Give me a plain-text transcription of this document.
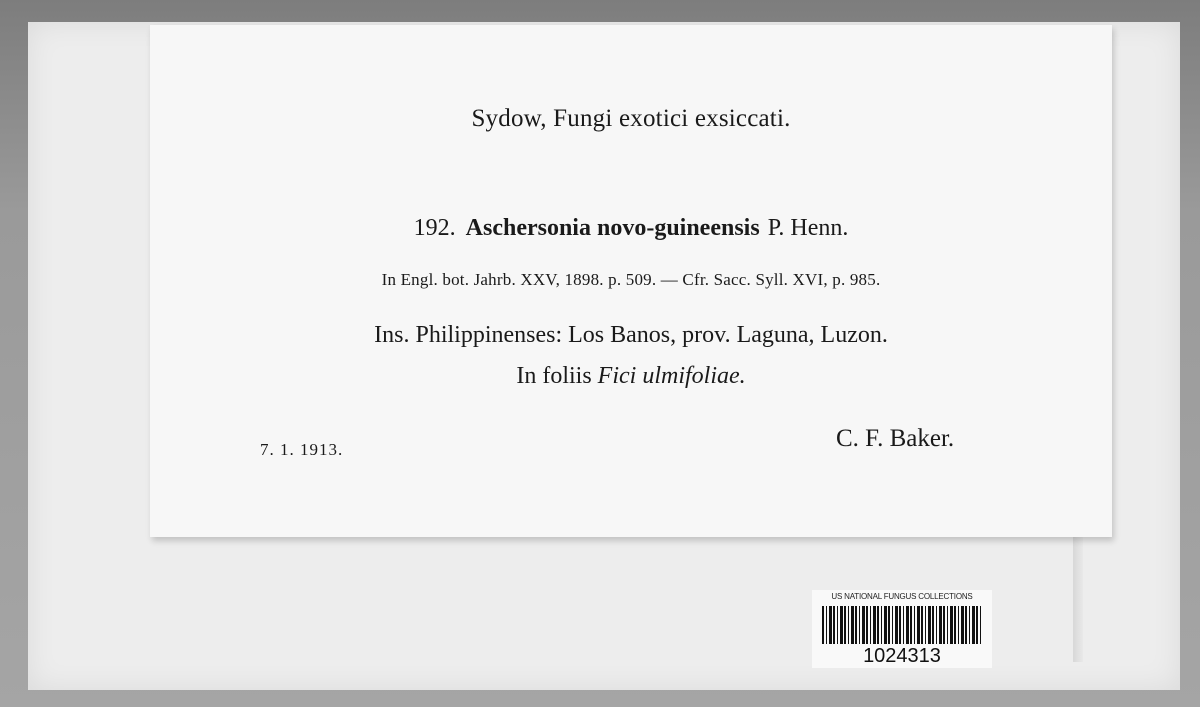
Sydow, Fungi exotici exsiccati.
192. Aschersonia novo-guineensis P. Henn.
In Engl. bot. Jahrb. XXV, 1898. p. 509. — Cfr. Sacc. Syll. XVI, p. 985.
Ins. Philippinenses: Los Banos, prov. Laguna, Luzon.
In foliis Fici ulmifoliae.
7. 1. 1913.	C. F. Baker.
US NATIONAL FUNGUS COLLECTIONS
1024313
